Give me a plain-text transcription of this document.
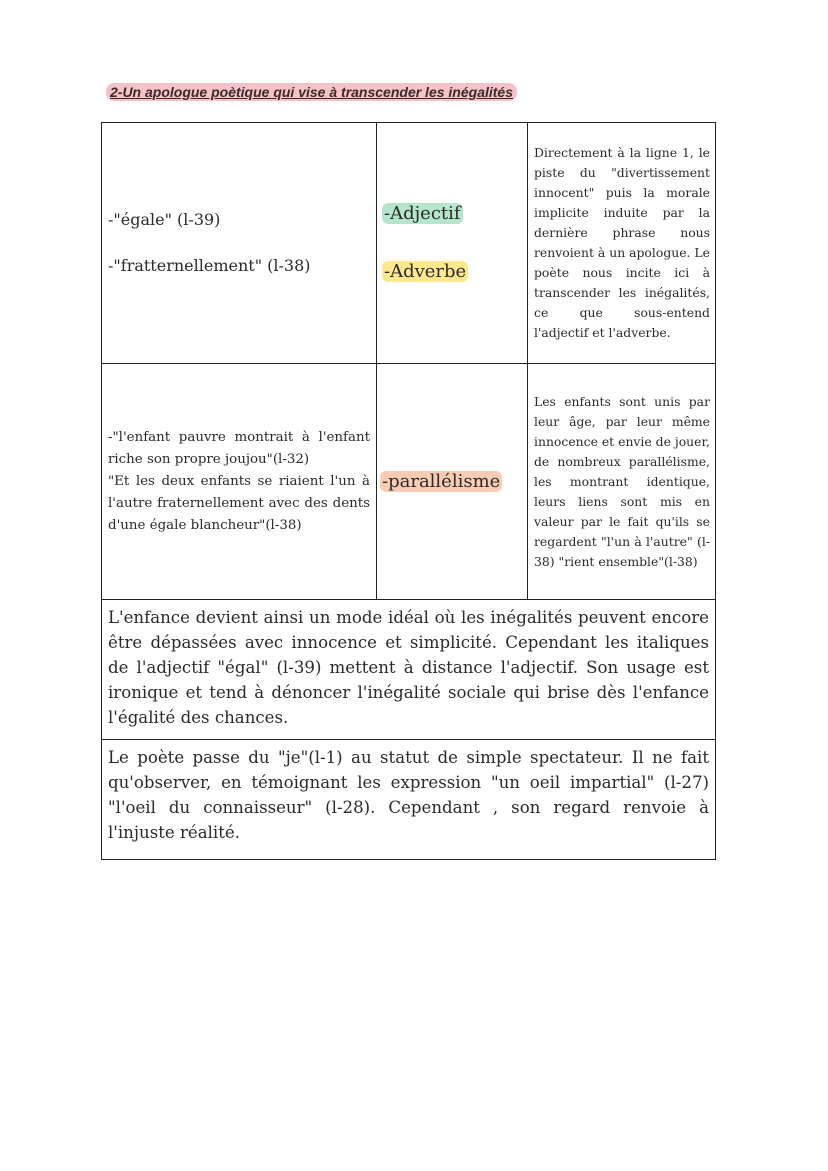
2-Un apologue poètique qui vise à transcender les inégalités
-"égale" (l-39)
-"fratternellement" (l-38)
-Adjectif
-Adverbe
Directement à la ligne 1, le piste du "divertissement innocent" puis la morale implicite induite par la dernière phrase nous renvoient à un apologue. Le poète nous incite ici à transcender les inégalités, ce que sous-entend l'adjectif et l'adverbe.
-"l'enfant pauvre montrait à l'enfant riche son propre joujou"(l-32)
"Et les deux enfants se riaient l'un à l'autre fraternellement avec des dents d'une égale blancheur"(l-38)
-parallélisme
Les enfants sont unis par leur âge, par leur même innocence et envie de jouer, de nombreux parallélisme, les montrant identique, leurs liens sont mis en valeur par le fait qu'ils se regardent "l'un à l'autre" (l-38) "rient ensemble"(l-38)
L'enfance devient ainsi un mode idéal où les inégalités peuvent encore être dépassées avec innocence et simplicité. Cependant les italiques de l'adjectif "égal" (l-39) mettent à distance l'adjectif. Son usage est ironique et tend à dénoncer l'inégalité sociale qui brise dès l'enfance l'égalité des chances.
Le poète passe du "je"(l-1) au statut de simple spectateur. Il ne fait qu'observer, en témoignant les expression "un oeil impartial" (l-27) "l'oeil du connaisseur" (l-28). Cependant , son regard renvoie à l'injuste réalité.
